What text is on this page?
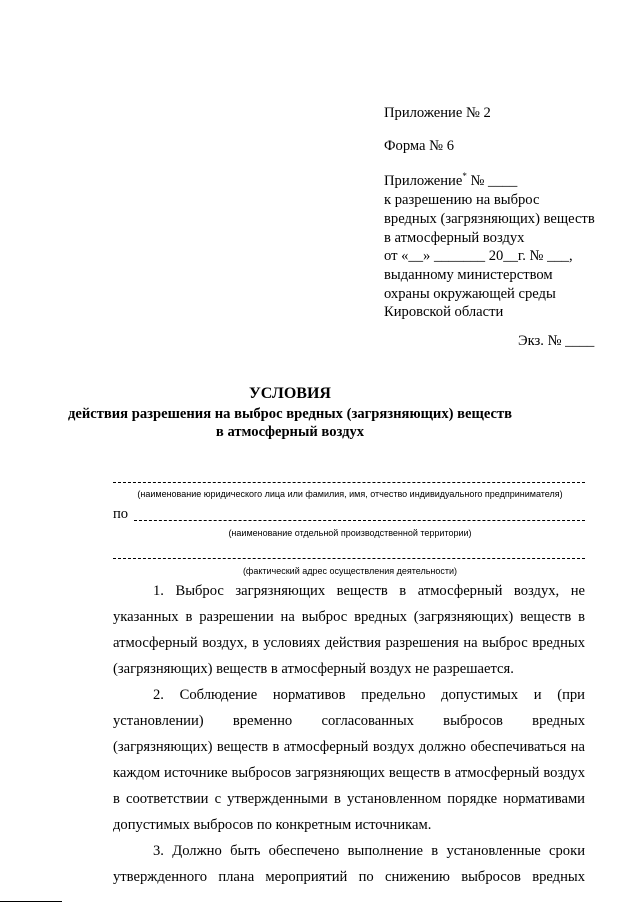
Приложение № 2
Форма № 6
Приложение* № ____
к разрешению на выброс
вредных (загрязняющих) веществ
в атмосферный воздух
от «__» _______ 20__г. № ___,
выданному министерством
охраны окружающей среды
Кировской области
Экз. № ____
УСЛОВИЯ
действия разрешения на выброс вредных (загрязняющих) веществ
в атмосферный воздух
(наименование юридического лица или фамилия, имя, отчество индивидуального предпринимателя)
по
(наименование отдельной производственной территории)
(фактический адрес осуществления деятельности)
1. Выброс загрязняющих веществ в атмосферный воздух, не
указанных в разрешении на выброс вредных (загрязняющих) веществ в
атмосферный воздух, в условиях действия разрешения на выброс вредных
(загрязняющих) веществ в атмосферный воздух не разрешается.
2. Соблюдение нормативов предельно допустимых и (при
установлении) временно согласованных выбросов вредных
(загрязняющих) веществ в атмосферный воздух должно обеспечиваться на
каждом источнике выбросов загрязняющих веществ в атмосферный воздух
в соответствии с утвержденными в установленном порядке нормативами
допустимых выбросов по конкретным источникам.
3. Должно быть обеспечено выполнение в установленные сроки
утвержденного плана мероприятий по снижению выбросов вредных
